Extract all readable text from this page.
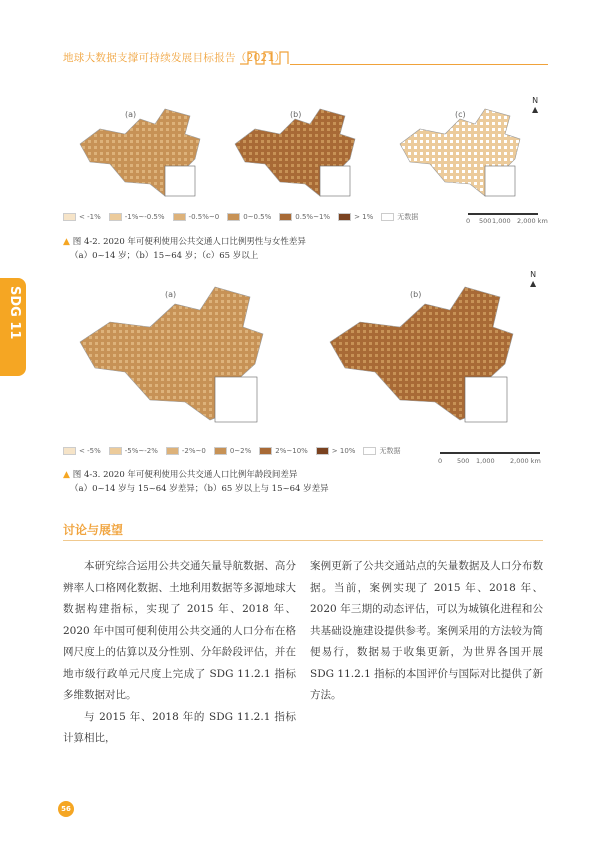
地球大数据支撑可持续发展目标报告（2021）
SDG 11
(a)	(b)	(c)
N
▲
< -1%	-1%~-0.5%	-0.5%~0	0~0.5%	0.5%~1%	> 1%	无数据	0 500 1,000 2,000 km
▲ 图 4-2. 2020 年可便利使用公共交通人口比例男性与女性差异
（a）0~14 岁；（b）15~64 岁；（c）65 岁以上
(a)	(b)
N
▲
< -5%	-5%~-2%	-2%~0	0~2%	2%~10%	> 10%	无数据
0 500 1,000 2,000 km
▲ 图 4-3. 2020 年可便利使用公共交通人口比例年龄段间差异
（a）0~14 岁与 15~64 岁差异；（b）65 岁以上与 15~64 岁差异
讨论与展望

本研究综合运用公共交通矢量导航数据、高分辨率人口格网化数据、土地利用数据等多源地球大数据构建指标，实现了 2015 年、2018 年、2020 年中国可便利使用公共交通的人口分布在格网尺度上的估算以及分性别、分年龄段评估，并在地市级行政单元尺度上完成了 SDG 11.2.1 指标多维数据对比。

与 2015 年、2018 年的 SDG 11.2.1 指标计算相比，

案例更新了公共交通站点的矢量数据及人口分布数据。当前，案例实现了 2015 年、2018 年、2020 年三期的动态评估，可以为城镇化进程和公共基础设施建设提供参考。案例采用的方法较为简便易行，数据易于收集更新，为世界各国开展 SDG 11.2.1 指标的本国评价与国际对比提供了新方法。

56
